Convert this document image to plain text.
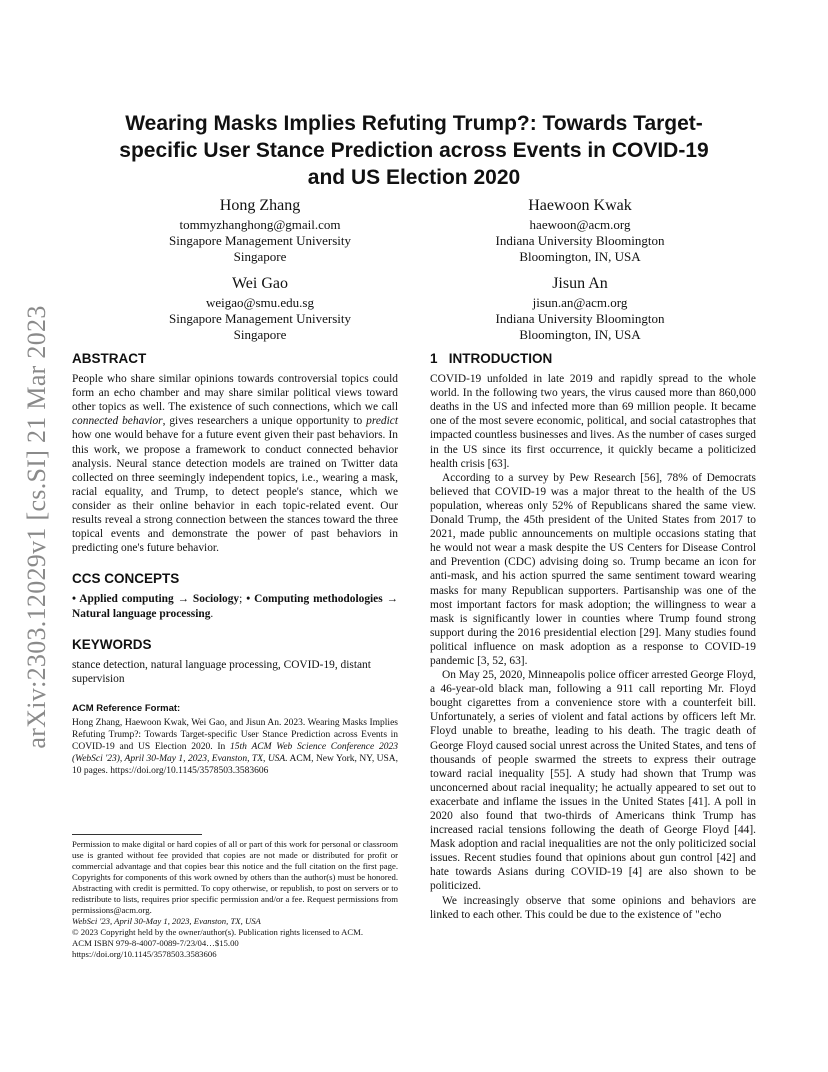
arXiv:2303.12029v1 [cs.SI] 21 Mar 2023
Wearing Masks Implies Refuting Trump?: Towards Target-specific User Stance Prediction across Events in COVID-19 and US Election 2020
Hong Zhang
tommyzhanghong@gmail.com
Singapore Management University
Singapore
Haewoon Kwak
haewoon@acm.org
Indiana University Bloomington
Bloomington, IN, USA
Wei Gao
weigao@smu.edu.sg
Singapore Management University
Singapore
Jisun An
jisun.an@acm.org
Indiana University Bloomington
Bloomington, IN, USA
ABSTRACT

People who share similar opinions towards controversial topics could form an echo chamber and may share similar political views toward other topics as well. The existence of such connections, which we call connected behavior, gives researchers a unique opportunity to predict how one would behave for a future event given their past behaviors. In this work, we propose a framework to conduct connected behavior analysis. Neural stance detection models are trained on Twitter data collected on three seemingly independent topics, i.e., wearing a mask, racial equality, and Trump, to detect people's stance, which we consider as their online behavior in each topic-related event. Our results reveal a strong connection between the stances toward the three topical events and demonstrate the power of past behaviors in predicting one's future behavior.

CCS CONCEPTS

• Applied computing → Sociology; • Computing methodologies → Natural language processing.

KEYWORDS

stance detection, natural language processing, COVID-19, distant supervision

ACM Reference Format:

Hong Zhang, Haewoon Kwak, Wei Gao, and Jisun An. 2023. Wearing Masks Implies Refuting Trump?: Towards Target-specific User Stance Prediction across Events in COVID-19 and US Election 2020. In 15th ACM Web Science Conference 2023 (WebSci '23), April 30-May 1, 2023, Evanston, TX, USA. ACM, New York, NY, USA, 10 pages. https://doi.org/10.1145/3578503.3583606

Permission to make digital or hard copies of all or part of this work for personal or classroom use is granted without fee provided that copies are not made or distributed for profit or commercial advantage and that copies bear this notice and the full citation on the first page. Copyrights for components of this work owned by others than the author(s) must be honored. Abstracting with credit is permitted. To copy otherwise, or republish, to post on servers or to redistribute to lists, requires prior specific permission and/or a fee. Request permissions from permissions@acm.org.

WebSci '23, April 30-May 1, 2023, Evanston, TX, USA

© 2023 Copyright held by the owner/author(s). Publication rights licensed to ACM.

ACM ISBN 979-8-4007-0089-7/23/04…$15.00

https://doi.org/10.1145/3578503.3583606

1   INTRODUCTION

COVID-19 unfolded in late 2019 and rapidly spread to the whole world. In the following two years, the virus caused more than 860,000 deaths in the US and infected more than 69 million people. It became one of the most severe economic, political, and social catastrophes that impacted countless businesses and lives. As the number of cases surged in the US since its first occurrence, it quickly became a politicized health crisis [63].

According to a survey by Pew Research [56], 78% of Democrats believed that COVID-19 was a major threat to the health of the US population, whereas only 52% of Republicans shared the same view. Donald Trump, the 45th president of the United States from 2017 to 2021, made public announcements on multiple occasions stating that he would not wear a mask despite the US Centers for Disease Control and Prevention (CDC) advising doing so. Trump became an icon for anti-mask, and his action spurred the same sentiment toward wearing masks for many Republican supporters. Partisanship was one of the most important factors for mask adoption; the willingness to wear a mask is significantly lower in counties where Trump found strong support during the 2016 presidential election [29]. Many studies found political influence on mask adoption as a response to COVID-19 pandemic [3, 52, 63].

On May 25, 2020, Minneapolis police officer arrested George Floyd, a 46-year-old black man, following a 911 call reporting Mr. Floyd bought cigarettes from a convenience store with a counterfeit bill. Unfortunately, a series of violent and fatal actions by officers left Mr. Floyd unable to breathe, leading to his death. The tragic death of George Floyd caused social unrest across the United States, and tens of thousands of people swarmed the streets to express their outrage toward racial inequality [55]. A study had shown that Trump was unconcerned about racial inequality; he actually appeared to set out to exacerbate and inflame the issues in the United States [41]. A poll in 2020 also found that two-thirds of Americans think Trump has increased racial tensions following the death of George Floyd [44]. Mask adoption and racial inequalities are not the only politicized social issues. Recent studies found that opinions about gun control [42] and hate towards Asians during COVID-19 [4] are also shown to be politicized.

We increasingly observe that some opinions and behaviors are linked to each other. This could be due to the existence of "echo
